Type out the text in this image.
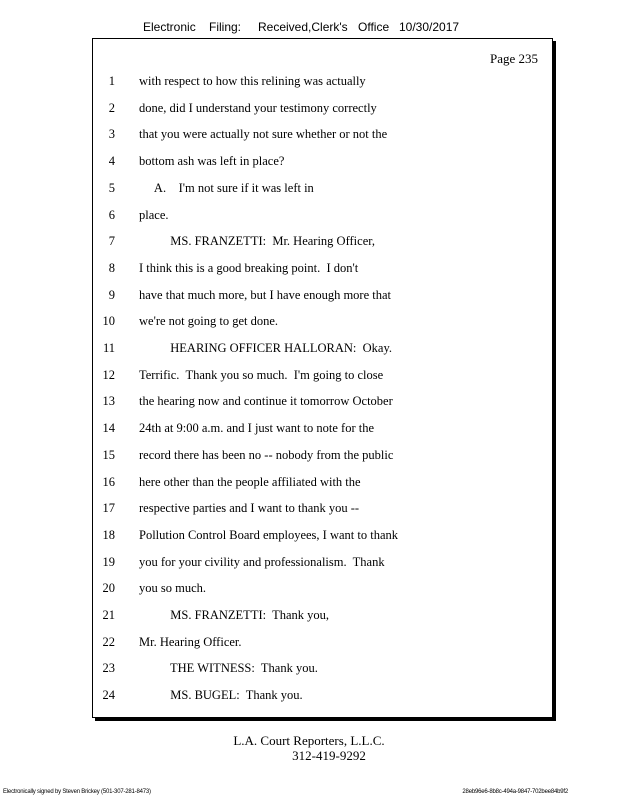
Electronic Filing: Received,Clerk's Office 10/30/2017
Page 235
1 with respect to how this relining was actually
2 done, did I understand your testimony correctly
3 that you were actually not sure whether or not the
4 bottom ash was left in place?
5 A.    I'm not sure if it was left in
6 place.
7 MS. FRANZETTI:  Mr. Hearing Officer,
8 I think this is a good breaking point.  I don't
9 have that much more, but I have enough more that
10 we're not going to get done.
11 HEARING OFFICER HALLORAN:  Okay.
12 Terrific.  Thank you so much.  I'm going to close
13 the hearing now and continue it tomorrow October
14 24th at 9:00 a.m. and I just want to note for the
15 record there has been no -- nobody from the public
16 here other than the people affiliated with the
17 respective parties and I want to thank you --
18 Pollution Control Board employees, I want to thank
19 you for your civility and professionalism.  Thank
20 you so much.
21 MS. FRANZETTI:  Thank you,
22 Mr. Hearing Officer.
23 THE WITNESS:  Thank you.
24 MS. BUGEL:  Thank you.
L.A. Court Reporters, L.L.C.
312-419-9292
Electronically signed by Steven Brickey (501-307-281-8473)	28eb96e6-8b8c-494a-9847-702bee84b9f2
